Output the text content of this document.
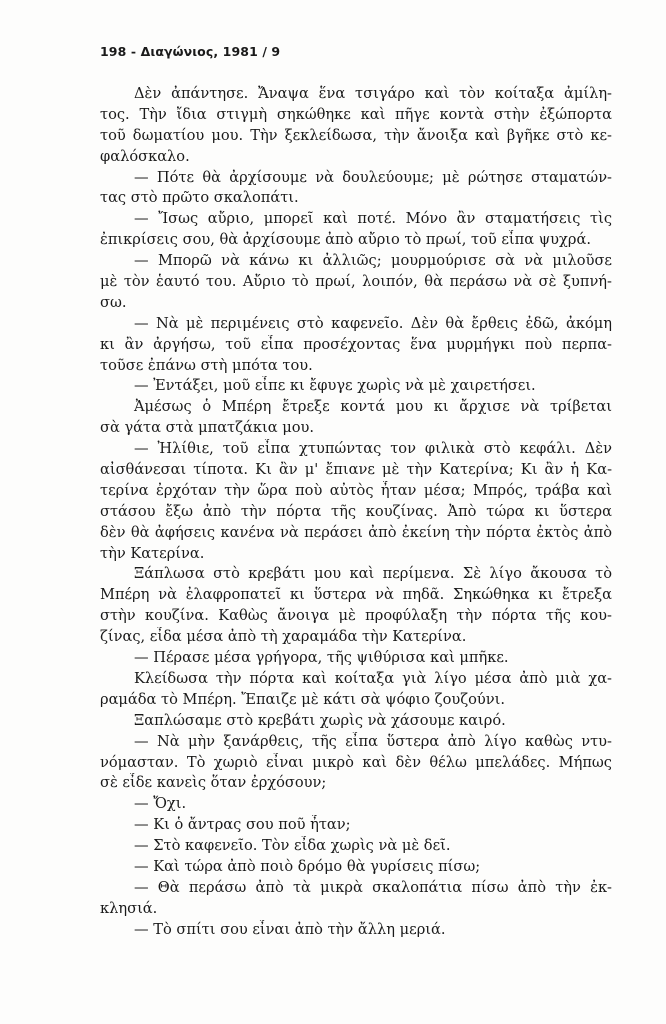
198 - Διαγώνιος, 1981 / 9
Δὲν ἀπάντησε. Ἄναψα ἕνα τσιγάρο καὶ τὸν κοίταξα ἀμίλη-
τος. Τὴν ἴδια στιγμὴ σηκώθηκε καὶ πῆγε κοντὰ στὴν ἐξώπορτα
τοῦ δωματίου μου. Τὴν ξεκλείδωσα, τὴν ἄνοιξα καὶ βγῆκε στὸ κε-
φαλόσκαλο.
— Πότε θὰ ἀρχίσουμε νὰ δουλεύουμε; μὲ ρώτησε σταματών-
τας στὸ πρῶτο σκαλοπάτι.
— Ἴσως αὔριο, μπορεῖ καὶ ποτέ. Μόνο ἂν σταματήσεις τὶς
ἐπικρίσεις σου, θὰ ἀρχίσουμε ἀπὸ αὔριο τὸ πρωί, τοῦ εἶπα ψυχρά.
— Μπορῶ νὰ κάνω κι ἀλλιῶς; μουρμούρισε σὰ νὰ μιλοῦσε
μὲ τὸν ἑαυτό του. Αὔριο τὸ πρωί, λοιπόν, θὰ περάσω νὰ σὲ ξυπνή-
σω.
— Νὰ μὲ περιμένεις στὸ καφενεῖο. Δὲν θὰ ἔρθεις ἐδῶ, ἀκόμη
κι ἂν ἀργήσω, τοῦ εἶπα προσέχοντας ἕνα μυρμήγκι ποὺ περπα-
τοῦσε ἐπάνω στὴ μπότα του.
— Ἐντάξει, μοῦ εἶπε κι ἔφυγε χωρὶς νὰ μὲ χαιρετήσει.
Ἀμέσως ὁ Μπέρη ἔτρεξε κοντά μου κι ἄρχισε νὰ τρίβεται
σὰ γάτα στὰ μπατζάκια μου.
— Ἠλίθιε, τοῦ εἶπα χτυπώντας τον φιλικὰ στὸ κεφάλι. Δὲν
αἰσθάνεσαι τίποτα. Κι ἂν μ' ἔπιανε μὲ τὴν Κατερίνα; Κι ἂν ἡ Κα-
τερίνα ἐρχόταν τὴν ὥρα ποὺ αὐτὸς ἦταν μέσα; Μπρός, τράβα καὶ
στάσου ἔξω ἀπὸ τὴν πόρτα τῆς κουζίνας. Ἀπὸ τώρα κι ὕστερα
δὲν θὰ ἀφήσεις κανένα νὰ περάσει ἀπὸ ἐκείνη τὴν πόρτα ἐκτὸς ἀπὸ
τὴν Κατερίνα.
Ξάπλωσα στὸ κρεβάτι μου καὶ περίμενα. Σὲ λίγο ἄκουσα τὸ
Μπέρη νὰ ἐλαφροπατεῖ κι ὕστερα νὰ πηδᾶ. Σηκώθηκα κι ἔτρεξα
στὴν κουζίνα. Καθὼς ἄνοιγα μὲ προφύλαξη τὴν πόρτα τῆς κου-
ζίνας, εἶδα μέσα ἀπὸ τὴ χαραμάδα τὴν Κατερίνα.
— Πέρασε μέσα γρήγορα, τῆς ψιθύρισα καὶ μπῆκε.
Κλείδωσα τὴν πόρτα καὶ κοίταξα γιὰ λίγο μέσα ἀπὸ μιὰ χα-
ραμάδα τὸ Μπέρη. Ἔπαιζε μὲ κάτι σὰ ψόφιο ζουζούνι.
Ξαπλώσαμε στὸ κρεβάτι χωρὶς νὰ χάσουμε καιρό.
— Νὰ μὴν ξανάρθεις, τῆς εἶπα ὕστερα ἀπὸ λίγο καθὼς ντυ-
νόμασταν. Τὸ χωριὸ εἶναι μικρὸ καὶ δὲν θέλω μπελάδες. Μήπως
σὲ εἶδε κανεὶς ὅταν ἐρχόσουν;
— Ὄχι.
— Κι ὁ ἄντρας σου ποῦ ἦταν;
— Στὸ καφενεῖο. Τὸν εἶδα χωρὶς νὰ μὲ δεῖ.
— Καὶ τώρα ἀπὸ ποιὸ δρόμο θὰ γυρίσεις πίσω;
— Θὰ περάσω ἀπὸ τὰ μικρὰ σκαλοπάτια πίσω ἀπὸ τὴν ἐκ-
κλησιά.
— Τὸ σπίτι σου εἶναι ἀπὸ τὴν ἄλλη μεριά.
